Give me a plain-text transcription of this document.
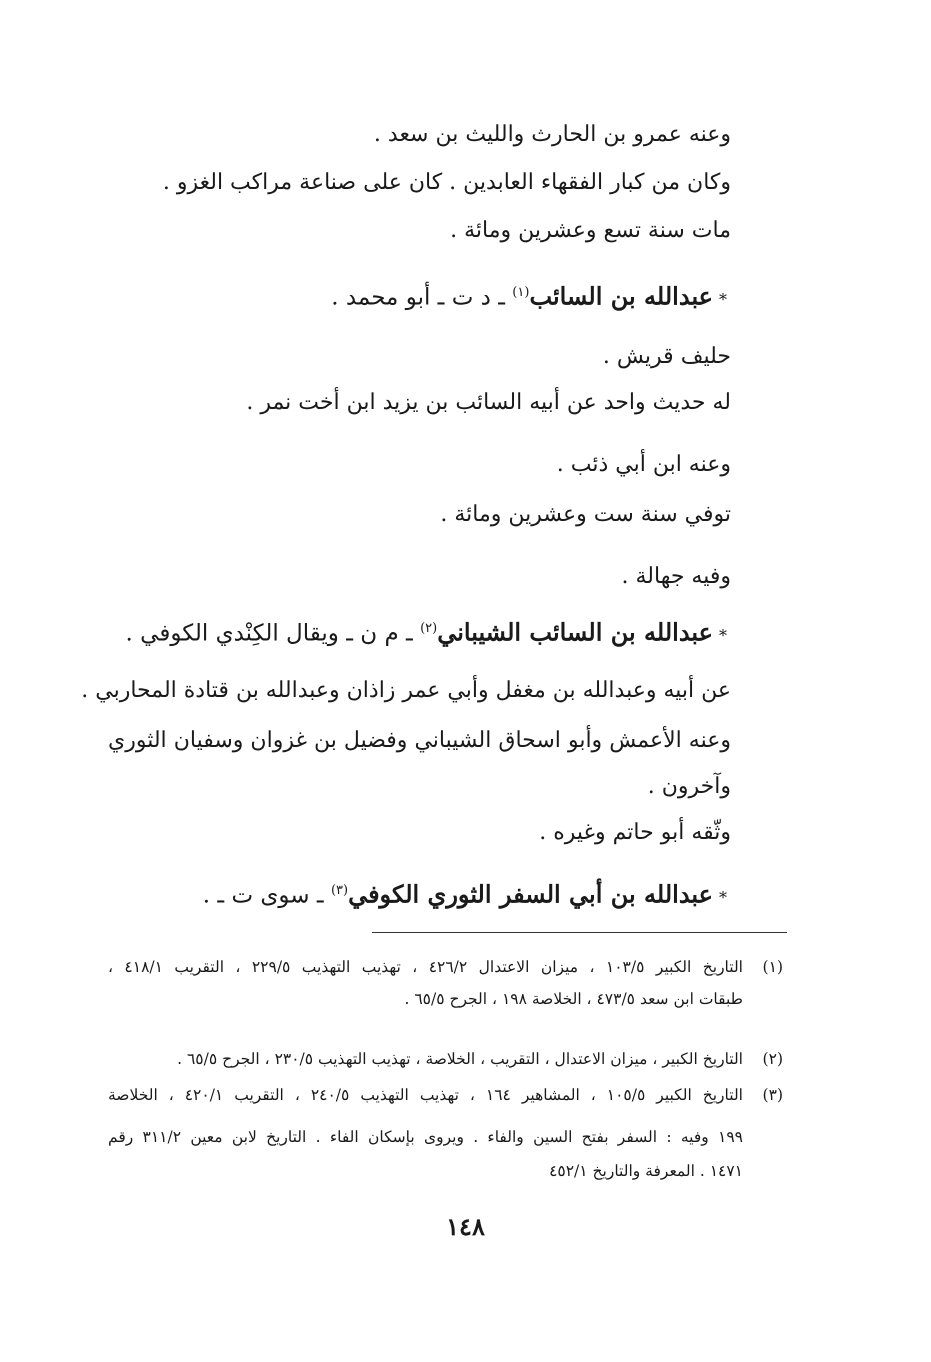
وعنه عمرو بن الحارث والليث بن سعد .
وكان من كبار الفقهاء العابدين . كان على صناعة مراكب الغزو .
مات سنة تسع وعشرين ومائة .
*عبدالله بن السائب$^{(١)}$ ـ د ت ـ أبو محمد .
حليف قريش .
له حديث واحد عن أبيه السائب بن يزيد ابن أخت نمر .
وعنه ابن أبي ذئب .
توفي سنة ست وعشرين ومائة .
وفيه جهالة .
*عبدالله بن السائب الشيباني$^{(٢)}$ ـ م ن ـ ويقال الكِنْدي الكوفي .
عن أبيه وعبدالله بن مغفل وأبي عمر زاذان وعبدالله بن قتادة المحاربي .
وعنه الأعمش وأبو اسحاق الشيباني وفضيل بن غزوان وسفيان الثوري
وآخرون .
وثّقه أبو حاتم وغيره .
*عبدالله بن أبي السفر الثوري الكوفي$^{(٣)}$ ـ سوى ت ـ .
(١)
التاريخ الكبير ١٠٣/٥ ، ميزان الاعتدال ٤٢٦/٢ ، تهذيب التهذيب ٢٢٩/٥ ، التقريب ٤١٨/١ ،
طبقات ابن سعد ٤٧٣/٥ ، الخلاصة ١٩٨ ، الجرح ٦٥/٥ .
(٢)
التاريخ الكبير ، ميزان الاعتدال ، التقريب ، الخلاصة ، تهذيب التهذيب ٢٣٠/٥ ، الجرح ٦٥/٥ .
(٣)
التاريخ الكبير ١٠٥/٥ ، المشاهير ١٦٤ ، تهذيب التهذيب ٢٤٠/٥ ، التقريب ٤٢٠/١ ، الخلاصة
١٩٩ وفيه : السفر بفتح السين والفاء . ويروى بإسكان الفاء . التاريخ لابن معين ٣١١/٢ رقم
١٤٧١ . المعرفة والتاريخ ٤٥٢/١
١٤٨
